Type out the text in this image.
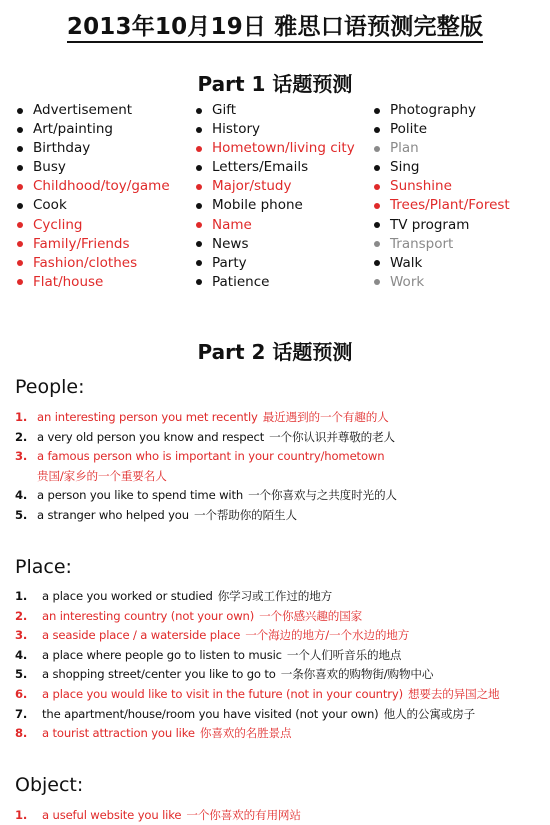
2013年10月19日 雅思口语预测完整版
Part 1 话题预测
Advertisement
Art/painting
Birthday
Busy
Childhood/toy/game
Cook
Cycling
Family/Friends
Fashion/clothes
Flat/house
Gift
History
Hometown/living city
Letters/Emails
Major/study
Mobile phone
Name
News
Party
Patience
Photography
Polite
Plan
Sing
Sunshine
Trees/Plant/Forest
TV program
Transport
Walk
Work
Part 2 话题预测
People:
1. an interesting person you met recently 最近遇到的一个有趣的人
2. a very old person you know and respect 一个你认识并尊敬的老人
3. a famous person who is important in your country/hometown
贵国/家乡的一个重要名人
4. a person you like to spend time with 一个你喜欢与之共度时光的人
5. a stranger who helped you 一个帮助你的陌生人
Place:
1. a place you worked or studied 你学习或工作过的地方
2. an interesting country (not your own) 一个你感兴趣的国家
3. a seaside place / a waterside place 一个海边的地方/一个水边的地方
4. a place where people go to listen to music 一个人们听音乐的地点
5. a shopping street/center you like to go to 一条你喜欢的购物街/购物中心
6. a place you would like to visit in the future (not in your country) 想要去的异国之地
7. the apartment/house/room you have visited (not your own) 他人的公寓或房子
8. a tourist attraction you like 你喜欢的名胜景点
Object:
1. a useful website you like 一个你喜欢的有用网站
